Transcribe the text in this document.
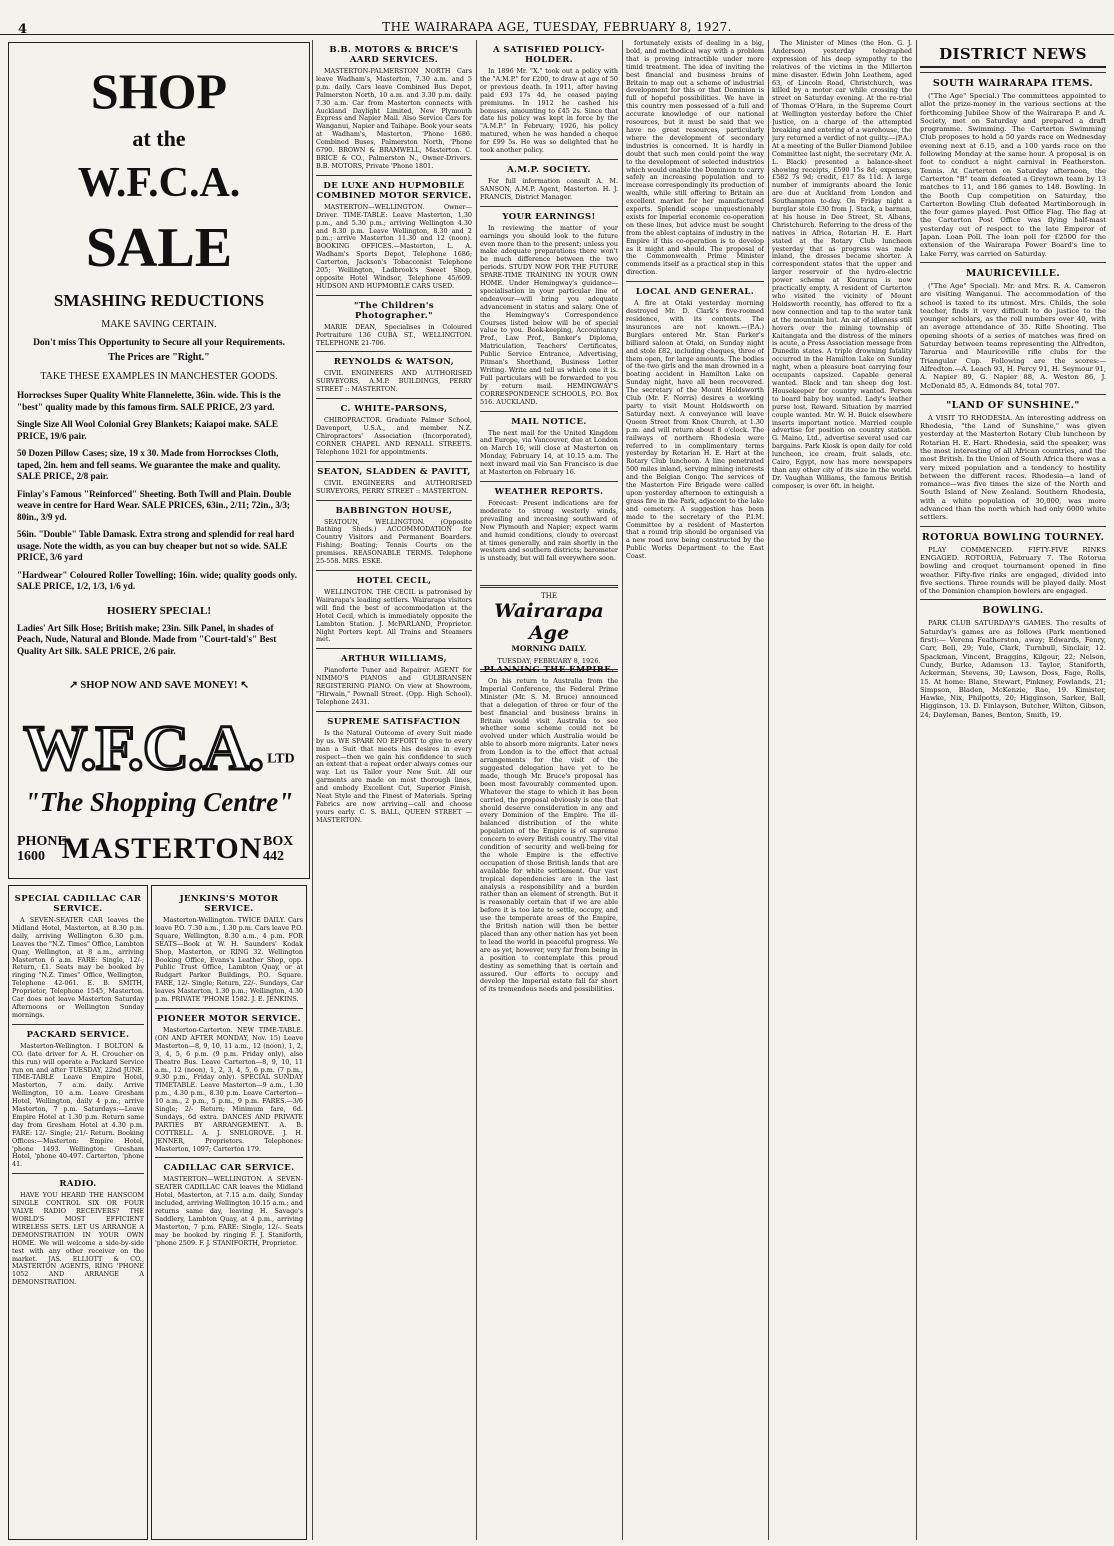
4	THE WAIRARAPA AGE, TUESDAY, FEBRUARY 8, 1927.
SHOP
at the
W.F.C.A.
SALE
SMASHING REDUCTIONS
MAKE SAVING CERTAIN.
Don't miss This Opportunity to Secure all your Requirements.
The Prices are "Right."
TAKE THESE EXAMPLES IN MANCHESTER GOODS.

Horrockses Super Quality White Flannelette, 36in. wide. This is the "best" quality made by this famous firm. SALE PRICE, 2/3 yard.

Single Size All Wool Colonial Grey Blankets; Kaiapoi make. SALE PRICE, 19/6 pair.

50 Dozen Pillow Cases; size, 19 x 30. Made from Horrockses Cloth, taped, 2in. hem and fell seams. We guarantee the make and quality. SALE PRICE, 2/8 pair.

Finlay's Famous "Reinforced" Sheeting. Both Twill and Plain. Double weave in centre for Hard Wear. SALE PRICES, 63in., 2/11; 72in., 3/3; 80in., 3/9 yd.

56in. "Double" Table Damask. Extra strong and splendid for real hard usage. Note the width, as you can buy cheaper but not so wide. SALE PRICE, 3/6 yard

"Hardwear" Coloured Roller Towelling; 16in. wide; quality goods only. SALE PRICE, 1/2, 1/3, 1/6 yd.

HOSIERY SPECIAL!
Ladies' Art Silk Hose; British make; 23in. Silk Panel, in shades of Peach, Nude, Natural and Blonde. Made from "Court-tald's" Best Quality Art Silk. SALE PRICE, 2/6 pair.
↗ SHOP NOW AND SAVE MONEY! ↖
W.F.C.A. $^{LTD}$
"The Shopping Centre"
PHONE 1600 MASTERTON BOX 442
SPECIAL CADILLAC CAR SERVICE.

A SEVEN-SEATER CAR leaves the Midland Hotel, Masterton, at 8.30 p.m. daily, arriving Wellington 6.30 p.m. Leaves the "N.Z. Times" Office, Lambton Quay, Wellington, at 8 a.m., arriving Masterton 6 a.m. FARE: Single, 12/-; Return, £1. Seats may be booked by ringing "N.Z. Times" Office, Wellington, Telephone 42-061. E. B. SMITH, Proprietor, Telephone 1545, Masterton. Car does not leave Masterton Saturday Afternoons or Wellington Sunday mornings.

PACKARD SERVICE.

Masterton-Wellington. I BOLTON & CO. (late driver for A. H. Croucher on this run) will operate a Packard Service run on and after TUESDAY, 22nd JUNE. TIME-TABLE Leave Empire Hotel, Masterton, 7 a.m. daily. Arrive Wellington, 10 a.m. Leave Gresham Hotel, Wellington, daily 4 p.m.; arrive Masterton, 7 p.m. Saturdays:—Leave Empire Hotel at 1.30 p.m. Return same day from Gresham Hotel at 4.30 p.m. FARE: 12/- Single; 21/- Return. Booking Offices:—Masterton: Empire Hotel, 'phone 1493. Wellington: Gresham Hotel, 'phone 40-497. Carterton, 'phone 41.

RADIO.

HAVE YOU HEARD THE HANSCOM SINGLE CONTROL SIX OR FOUR VALVE RADIO RECEIVERS? THE WORLD'S MOST EFFICIENT WIRELESS SETS. LET US ARRANGE A DEMONSTRATION IN YOUR OWN HOME. We will welcome a side-by-side test with any other receiver on the market. JAS. ELLIOTT & CO., MASTERTON AGENTS, RING 'PHONE 1052 AND ARRANGE A DEMONSTRATION.

JENKINS'S MOTOR SERVICE.

Masterton-Wellington. TWICE DAILY. Cars leave P.O. 7.30 a.m., 1.30 p.m. Cars leave P.O. Square, Wellington, 8.30 a.m., 4 p.m. FOR SEATS—Book at W. H. Saunders' Kodak Shop, Masterton, or RING 32. Wellington Booking Office, Evans's Leather Shop, opp. Public Trust Office, Lambton Quay, or at Rudgart Parker Buildings, P.O. Square. FARE, 12/- Single; Return, 22/-. Sundays, Car leaves Masterton, 1.30 p.m.; Wellington, 4.30 p.m. PRIVATE 'PHONE 1582. J. E. JENKINS.

PIONEER MOTOR SERVICE.

Masterton-Carterton. NEW TIME-TABLE. (ON AND AFTER MONDAY, Nov. 15) Leave Masterton—8, 9, 10, 11 a.m., 12 (noon), 1, 2, 3, 4, 5, 6 p.m. (9 p.m. Friday only), also Theatre Bus. Leave Carterton—8, 9, 10, 11 a.m., 12 (noon), 1, 2, 3, 4, 5, 6 p.m. (7 p.m., 9.30 p.m., Friday only). SPECIAL SUNDAY TIMETABLE. Leave Masterton—9 a.m., 1.30 p.m., 4.30 p.m., 8.30 p.m. Leave Carterton—10 a.m., 2 p.m., 5 p.m., 9 p.m. FARES.—3/6 Single; 2/- Return; Minimum fare, 6d. Sundays, 6d extra. DANCES AND PRIVATE PARTIES BY ARRANGEMENT. A. B. COTTRELL. A. J. SNELGROVE. J. H. JENNER, Proprietors. Telephones: Masterton, 1097; Carterton 179.

CADILLAC CAR SERVICE.

MASTERTON—WELLINGTON. A SEVEN-SEATER CADILLAC CAR leaves the Midland Hotel, Masterton, at 7.15 a.m. daily, Sunday included, arriving Wellington 10.15 a.m.; and returns same day, leaving H. Savage's Saddlery, Lambton Quay, at 4 p.m., arriving Masterton, 7 p.m. FARE: Single, 12/-. Seats may be booked by ringing F. J. Staniforth, 'phone 2509. F. J. STANIFORTH, Proprietor.

B.B. MOTORS & BRICE'S AARD SERVICES.

MASTERTON-PALMERSTON NORTH Cars leave Wadham's, Masterton, 7.30 a.m. and 5 p.m. daily. Cars leave Combined Bus Depot, Palmerston North, 10 a.m. and 3.30 p.m. daily. 7.30 a.m. Car from Masterton connects with Auckland Daylight Limited, New Plymouth Express and Napier Mail. Also Service Cars for Wanganui, Napier and Taihape. Book your seats at Wadham's, Masterton, 'Phone 1686. Combined Buses, Palmerston North, 'Phone 6790. BROWN & BRAMWELL, Masterton. C. BRICE & CO., Palmerston N., Owner-Drivers. B.B. MOTORS, Private 'Phone 1801.

DE LUXE AND HUPMOBILE COMBINED MOTOR SERVICE.

MASTERTON—WELLINGTON. Owner—Driver. TIME-TABLE: Leave Masterton, 1.30 p.m., and 5.30 p.m.; arriving Wellington 4.30 and 8.30 p.m. Leave Wellington, 8.30 and 2 p.m.; arrive Masterton 11.30 and 12 (noon). BOOKING OFFICES.—Masterton, L. A. Wadham's Sports Depot, Telephone 1686; Carterton, Jackson's Tobacconist Telephone 205; Wellington, Ladbrook's Sweet Shop, opposite Hotel Windsor, Telephone 45/609. HUDSON AND HUPMOBILE CARS USED.

"The Children's Photographer."

MARIE DEAN, Specialises in Coloured Portraiture 136 CUBA ST., WELLINGTON. TELEPHONE 21-706.

REYNOLDS & WATSON,

CIVIL ENGINEERS AND AUTHORISED SURVEYORS, A.M.P. BUILDINGS, PERRY STREET :: MASTERTON.

C. WHITE-PARSONS,

CHIROPRACTOR. Graduate Palmer School, Davenport, U.S.A., and member N.Z. Chiropractors' Association (Incorporated), CORNER CHAPEL AND RENALL STREETS. Telephone 1021 for appointments.

SEATON, SLADDEN & PAVITT,

CIVIL ENGINEERS and AUTHORISED SURVEYORS, PERRY STREET :: MASTERTON.

BABBINGTON HOUSE,

SEATOUN, WELLINGTON. (Opposite Bathing Sheds.) ACCOMMODATION for Country Visitors and Permanent Boarders. Fishing; Boating; Tennis Courts on the premises. REASONABLE TERMS. Telephone 25-558. MRS. ESKE.

HOTEL CECIL,

WELLINGTON. THE CECIL is patronised by Wairarapa's leading settlers. Wairarapa visitors will find the best of accommodation at the Hotel Cecil, which is immediately opposite the Lambton Station. J. McPARLAND, Proprietor. Night Porters kept. All Trains and Steamers met.

ARTHUR WILLIAMS,

Pianoforte Tuner and Repairer. AGENT for NIMMO'S PIANOS and GULBRANSEN REGISTERING PIANO. On view at Showroom, "Hirwain," Pownall Street. (Opp. High School). Telephone 2431.

SUPREME SATISFACTION

Is the Natural Outcome of every Suit made by us. WE SPARE NO EFFORT to give to every man a Suit that meets his desires in every respect—then we gain his confidence to such an extent that a repeat order always comes our way. Let us Tailor your New Suit. All our garments are made on most thorough lines, and embody Excellent Cut, Superior Finish, Neat Style and the Finest of Materials. Spring Fabrics are now arriving—call and choose yours early. C. S. BALL, QUEEN STREET — MASTERTON.

A SATISFIED POLICY-HOLDER.

In 1896 Mr. "X." took out a policy with the "A.M.P." for £200, to draw at age of 50 or previous death. In 1911, after having paid £93 17s 4d, he ceased paying premiums. In 1912 he cashed his bonuses, amounting to £45 2s. Since that date his policy was kept in force by the "A.M.P." In February, 1926, his policy matured, when he was handed a cheque for £99 5s. He was so delighted that he took another policy.

A.M.P. SOCIETY.

For full information consult A. M. SANSON, A.M.P. Agent, Masterton. H. J. FRANCIS, District Manager.

YOUR EARNINGS!

In reviewing the matter of your earnings you should look to the future even more than to the present; unless you make adequate preparations there won't be much difference between the two periods. STUDY NOW FOR THE FUTURE SPARE-TIME TRAINING IN YOUR OWN HOME. Under Hemingway's guidance—specialisation in your particular line of endeavour—will bring you adequate advancement in status and salary. One of the Hemingway's Correspondence Courses listed below will be of special value to you. Book-keeping, Accountancy Prof., Law Prof., Banker's Diploma, Matriculation, Teachers' Certificates, Public Service Entrance, Advertising, Pitman's Shorthand, Business Letter Writing. Write and tell us which one it is. Full particulars will be forwarded to you by return mail. HEMINGWAY'S CORRESPONDENCE SCHOOLS, P.O. Box 516. AUCKLAND.

MAIL NOTICE.

The next mail for the United Kingdom and Europe, via Vancouver, due at London on March 16, will close at Masterton on Monday, February 14, at 10.15 a.m. The next inward mail via San Francisco is due at Masterton on February 16.

WEATHER REPORTS.

Forecast: Present indications are for moderate to strong westerly winds, prevailing and increasing southward of New Plymouth and Napier; expect warm and humid conditions, cloudy to overcast at times generally, and rain shortly in the western and southern districts; barometer is unsteady, but will fall everywhere soon.

THE
Wairarapa Age
MORNING DAILY.
TUESDAY, FEBRUARY 8, 1926.
PLANNING THE EMPIRE.

On his return to Australia from the Imperial Conference, the Federal Prime Minister (Mr. S. M. Bruce) announced that a delegation of three or four of the best financial and business brains in Britain would visit Australia to see whether some scheme could not be evolved under which Australia would be able to absorb more migrants. Later news from London is to the effect that actual arrangements for the visit of the suggested delegation have yet to be made, though Mr. Bruce's proposal has been most favourably commented upon. Whatever the stage to which it has been carried, the proposal obviously is one that should deserve consideration in any and every Dominion of the Empire. The ill-balanced distribution of the white population of the Empire is of supreme concern to every British country. The vital condition of security and well-being for the whole Empire is the effective occupation of those British lands that are available for white settlement. Our vast tropical dependencies are in the last analysis a responsibility and a burden rather than an element of strength. But it is reasonably certain that if we are able before it is too late to settle, occupy, and use the temperate areas of the Empire, the British nation will then be better placed than any other nation has yet been to lead the world in peaceful progress. We are as yet, however, very far from being in a position to contemplate this proud destiny as something that is certain and assured. Our efforts to occupy and develop the Imperial estate fall far short of its tremendous needs and possibilities.

fortunately exists of dealing in a big, bold, and methodical way with a problem that is proving intractible under more timid treatment. The idea of inviting the best financial and business brains of Britain to map out a scheme of industrial development for this or that Dominion is full of hopeful possibilities. We have in this country men possessed of a full and accurate knowledge of our national resources, but it must be said that we have no great resources, particularly where the development of secondary industries is concerned. It is hardly in doubt that such men could point the way to the development of selected industries which would enable the Dominion to carry safely an increasing population and to increase correspondingly its production of wealth, while still offering to Britain an excellent market for her manufactured exports. Splendid scope unquestionably exists for Imperial economic co-operation on these lines, but advice must be sought from the ablest captains of industry in the Empire if this co-operation is to develop as it might and should. The proposal of the Commonwealth Prime Minister commends itself as a practical step in this direction.

LOCAL AND GENERAL.

A fire at Otaki yesterday morning destroyed Mr. D. Clark's five-roomed residence, with its contents. The insurances are not known.—(P.A.) Burglars entered Mr. Stan Parker's billiard saloon at Otaki, on Sunday night and stole £82, including cheques, three of them open, for large amounts. The bodies of the two girls and the man drowned in a boating accident in Hamilton Lake on Sunday night, have all been recovered. The secretary of the Mount Holdsworth Club (Mr. F. Norris) desires a working party to visit Mount Holdsworth on Saturday next. A conveyance will leave Queen Street from Knox Church, at 1.30 p.m. and will return about 8 o'clock. The railways of northern Rhodesia were referred to in complimentary terms yesterday by Rotarian H. E. Hart at the Rotary Club luncheon. A line penetrated 500 miles inland, serving mining interests and the Belgian Congo. The services of the Masterton Fire Brigade were called upon yesterday afternoon to extinguish a grass fire in the Park, adjacent to the lake and cemetery. A suggestion has been made to the secretary of the P.I.M. Committee by a resident of Masterton that a round trip should be organised via a new road now being constructed by the Public Works Department to the East Coast.

The Minister of Mines (the Hon. G. J. Anderson) yesterday telegraphed expression of his deep sympathy to the relatives of the victims in the Millerton mine disaster. Edwin John Leathem, aged 63, of Lincoln Road, Christchurch, was killed by a motor car while crossing the street on Saturday evening. At the re-trial of Thomas O'Hara, in the Supreme Court at Wellington yesterday before the Chief Justice, on a charge of the attempted breaking and entering of a warehouse, the jury returned a verdict of not guilty.—(P.A.) At a meeting of the Buller Diamond Jubilee Committee last night, the secretary (Mr. A. L. Black) presented a balance-sheet showing receipts, £590 15s 8d; expenses, £582 7s 9d; credit, £17 8s 11d. A large number of immigrants aboard the Ionic are due at Auckland from London and Southampton to-day. On Friday night a burglar stole £30 from J. Stack, a barman, at his house in Dee Street, St. Albans, Christchurch. Referring to the dress of the natives in Africa, Rotarian H. E. Hart stated at the Rotary Club luncheon yesterday that as progress was made inland, the dresses became shorter. A correspondent states that the upper and larger reservoir of the hydro-electric power scheme at Kourarau is now practically empty. A resident of Carterton who visited the vicinity of Mount Holdsworth recently, has offered to fix a new connection and tap to the water tank at the mountain hut. An air of idleness still hovers over the mining township of Kaitangata and the distress of the miners is acute, a Press Association message from Dunedin states. A triple drowning fatality occurred in the Hamilton Lake on Sunday night, when a pleasure boat carrying four occupants capsized. Capable general wanted. Black and tan sheep dog lost. Housekeeper for country wanted. Person to board baby boy wanted. Lady's leather purse lost. Reward. Situation by married couple wanted. Mr. W. H. Buick elsewhere inserts important notice. Married couple advertise for position on country station. G. Maino, Ltd., advertise several used car bargains. Park Kiosk is open daily for cold luncheon, ice cream, fruit salads, etc. Cairo, Egypt, now has more newspapers than any other city of its size in the world. Dr. Vaughan Williams, the famous British composer, is over 6ft. in height.

DISTRICT NEWS
SOUTH WAIRARAPA ITEMS.

("The Age" Special.) The committees appointed to allot the prize-money in the various sections at the forthcoming Jubilee Show of the Wairarapa P. and A. Society, met on Saturday and prepared a draft programme. Swimming. The Carterton Swimming Club proposes to hold a 50 yards race on Wednesday evening next at 6.15, and a 100 yards race on the following Monday at the same hour. A proposal is on foot to conduct a night carnival in Featherston. Tennis. At Carterton on Saturday afternoon, the Carterton "B" team defeated a Greytown team by 13 matches to 11, and 186 games to 148. Bowling. In the Booth Cup competition on Saturday, the Carterton Bowling Club defeated Martinborough in the four games played. Post Office Flag. The flag at the Carterton Post Office was flying half-mast yesterday out of respect to the late Emperor of Japan. Loan Poll. The loan poll for £2500 for the extension of the Wairarapa Power Board's line to Lake Ferry, was carried on Saturday.

MAURICEVILLE.

("The Age" Special). Mr. and Mrs. R. A. Cameron are visiting Wanganui. The accommodation of the school is taxed to its utmost. Mrs. Childs, the sole teacher, finds it very difficult to do justice to the younger scholars, as the roll numbers over 40, with an average attendance of 35. Rifle Shooting. The opening shoots of a series of matches was fired on Saturday between teams representing the Alfredton, Tararua and Mauriceville rifle clubs for the Triangular Cup. Following are the scores:— Alfredton.—A. Leach 93, H. Percy 91, H. Seymour 91, A. Napier 89, G. Napier 88, A. Weston 86, J. McDonald 85, A. Edmonds 84, total 707.

"LAND OF SUNSHINE."

A VISIT TO RHODESIA. An interesting address on Rhodesia, "the Land of Sunshine," was given yesterday at the Masterton Rotary Club luncheon by Rotarian H. E. Hart. Rhodesia, said the speaker, was the most interesting of all African countries, and the most British. In the Union of South Africa there was a very mixed population and a tendency to hostility between the different races. Rhodesia—a land of romance—was five times the size of the North and South Island of New Zealand. Southern Rhodesia, with a white population of 30,000, was more advanced than the north which had only 6000 white settlers.

ROTORUA BOWLING TOURNEY.

PLAY COMMENCED. FIFTY-FIVE RINKS ENGAGED. ROTORUA, February 7. The Rotorua bowling and croquet tournament opened in fine weather. Fifty-five rinks are engaged, divided into five sections. Three rounds will be played daily. Most of the Dominion champion bowlers are engaged.

BOWLING.

PARK CLUB SATURDAY'S GAMES. The results of Saturday's games are as follows (Park mentioned first):— Verena Featherston, away; Edwards, Fenry, Carr, Bell, 29; Yule, Clark, Turnbull, Sinclair, 12. Spackman, Vincent, Braggins, Kilgour, 22; Nelson, Cundy, Burke, Adamson 13. Taylor, Staniforth, Ackerman, Stevens, 30; Lawson, Doss, Fage, Rolls, 15. At home: Blane, Stewart, Pinkney, Fowlands, 21; Simpson, Bladen, McKenzie, Rae, 19. Kimister, Hawke, Nix, Philpotts, 20; Higginson, Sarker, Ball, Higginson, 13. D. Finlayson, Butcher, Wilton, Gibson, 24; Dayleman, Banes, Benton, Smith, 19.
